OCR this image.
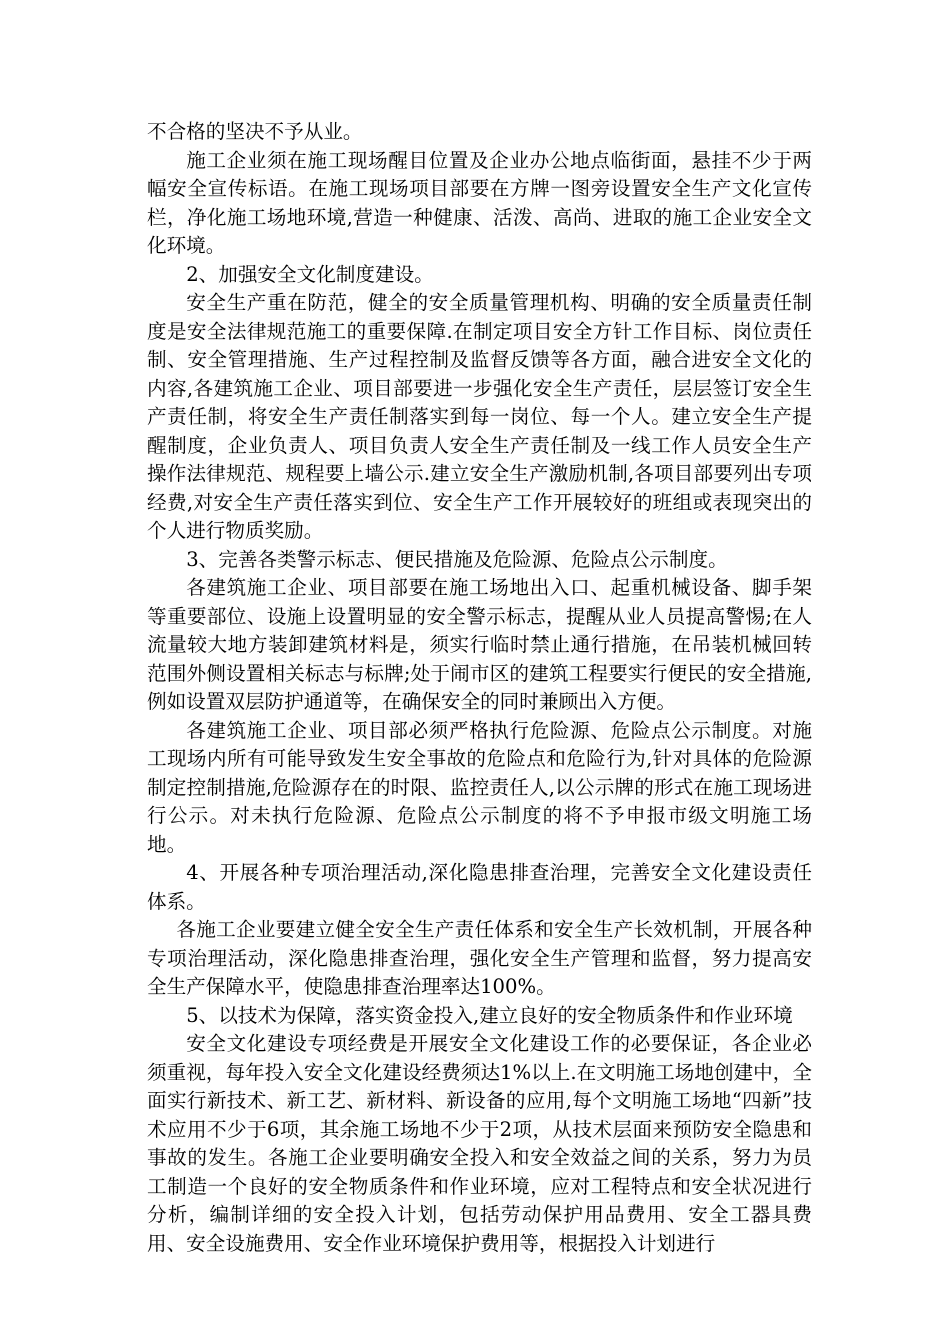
不合格的坚决不予从业。

施工企业须在施工现场醒目位置及企业办公地点临街面，悬挂不少于两幅安全宣传标语。在施工现场项目部要在方牌一图旁设置安全生产文化宣传栏，净化施工场地环境,营造一种健康、活泼、高尚、进取的施工企业安全文化环境。

2、加强安全文化制度建设。

安全生产重在防范，健全的安全质量管理机构、明确的安全质量责任制度是安全法律规范施工的重要保障.在制定项目安全方针工作目标、岗位责任制、安全管理措施、生产过程控制及监督反馈等各方面，融合进安全文化的内容,各建筑施工企业、项目部要进一步强化安全生产责任，层层签订安全生产责任制，将安全生产责任制落实到每一岗位、每一个人。建立安全生产提醒制度，企业负责人、项目负责人安全生产责任制及一线工作人员安全生产操作法律规范、规程要上墙公示.建立安全生产激励机制,各项目部要列出专项经费,对安全生产责任落实到位、安全生产工作开展较好的班组或表现突出的个人进行物质奖励。

3、完善各类警示标志、便民措施及危险源、危险点公示制度。

各建筑施工企业、项目部要在施工场地出入口、起重机械设备、脚手架等重要部位、设施上设置明显的安全警示标志，提醒从业人员提高警惕;在人流量较大地方装卸建筑材料是，须实行临时禁止通行措施，在吊装机械回转范围外侧设置相关标志与标牌;处于闹市区的建筑工程要实行便民的安全措施,例如设置双层防护通道等，在确保安全的同时兼顾出入方便。

各建筑施工企业、项目部必须严格执行危险源、危险点公示制度。对施工现场内所有可能导致发生安全事故的危险点和危险行为,针对具体的危险源制定控制措施,危险源存在的时限、监控责任人,以公示牌的形式在施工现场进行公示。对未执行危险源、危险点公示制度的将不予申报市级文明施工场地。

4、开展各种专项治理活动,深化隐患排查治理，完善安全文化建设责任体系。

各施工企业要建立健全安全生产责任体系和安全生产长效机制，开展各种专项治理活动，深化隐患排查治理，强化安全生产管理和监督，努力提高安全生产保障水平，使隐患排查治理率达100%。

5、以技术为保障，落实资金投入,建立良好的安全物质条件和作业环境

安全文化建设专项经费是开展安全文化建设工作的必要保证，各企业必须重视，每年投入安全文化建设经费须达1%以上.在文明施工场地创建中，全面实行新技术、新工艺、新材料、新设备的应用,每个文明施工场地“四新”技术应用不少于6项，其余施工场地不少于2项，从技术层面来预防安全隐患和事故的发生。各施工企业要明确安全投入和安全效益之间的关系，努力为员工制造一个良好的安全物质条件和作业环境，应对工程特点和安全状况进行分析，编制详细的安全投入计划，包括劳动保护用品费用、安全工器具费用、安全设施费用、安全作业环境保护费用等，根据投入计划进行
